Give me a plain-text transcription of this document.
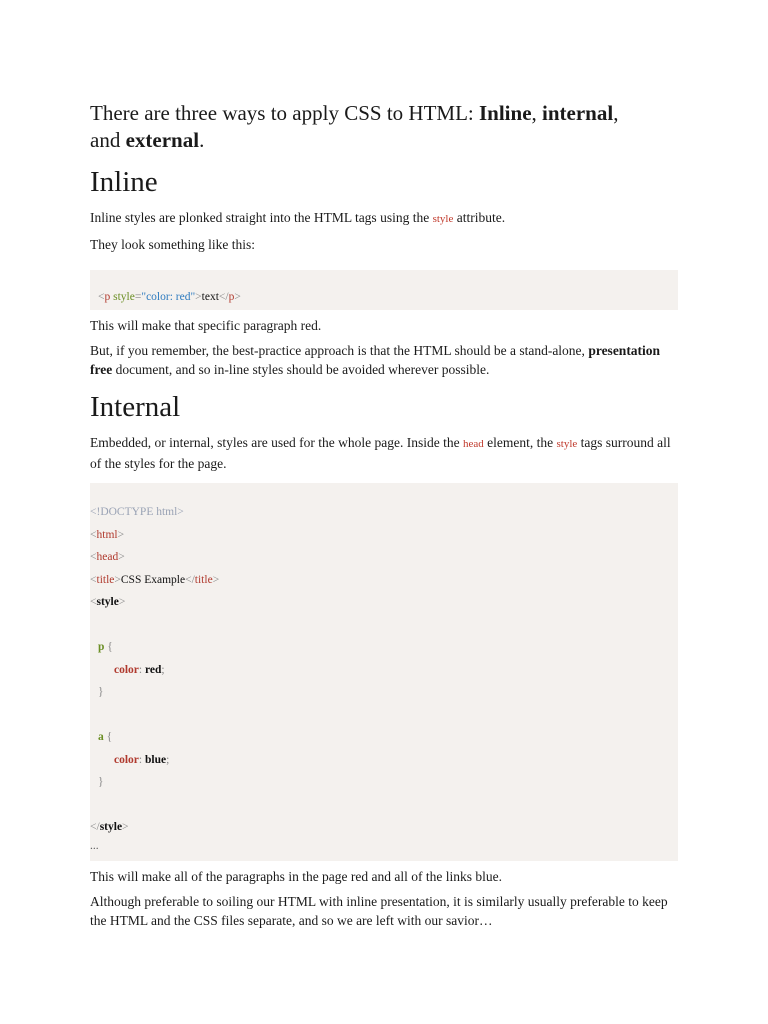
There are three ways to apply CSS to HTML: Inline, internal,
and external.

Inline

Inline styles are plonked straight into the HTML tags using the style attribute.

They look something like this:

<p style="color: red">text</p>

This will make that specific paragraph red.

But, if you remember, the best-practice approach is that the HTML should be a stand-alone, presentation free document, and so in-line styles should be avoided wherever possible.

Internal

Embedded, or internal, styles are used for the whole page. Inside the head element, the style tags surround all of the styles for the page.

<!DOCTYPE html>
<html>
<head>
<title>CSS Example</title>
<style>
p {
color: red;
}
a {
color: blue;
}
</style>
...

This will make all of the paragraphs in the page red and all of the links blue.

Although preferable to soiling our HTML with inline presentation, it is similarly usually preferable to keep the HTML and the CSS files separate, and so we are left with our savior…
